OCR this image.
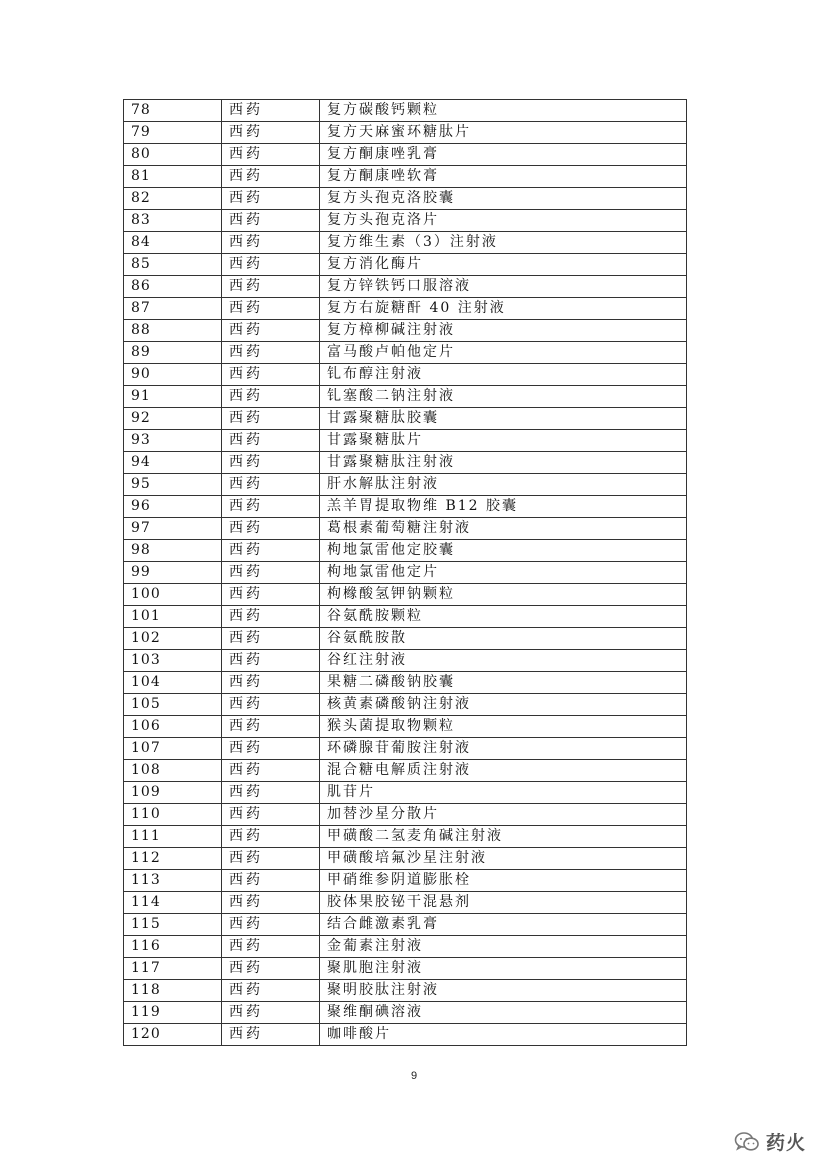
78	西药	复方碳酸钙颗粒
79	西药	复方天麻蜜环糖肽片
80	西药	复方酮康唑乳膏
81	西药	复方酮康唑软膏
82	西药	复方头孢克洛胶囊
83	西药	复方头孢克洛片
84	西药	复方维生素（3）注射液
85	西药	复方消化酶片
86	西药	复方锌铁钙口服溶液
87	西药	复方右旋糖酐 40 注射液
88	西药	复方樟柳碱注射液
89	西药	富马酸卢帕他定片
90	西药	钆布醇注射液
91	西药	钆塞酸二钠注射液
92	西药	甘露聚糖肽胶囊
93	西药	甘露聚糖肽片
94	西药	甘露聚糖肽注射液
95	西药	肝水解肽注射液
96	西药	羔羊胃提取物维 B12 胶囊
97	西药	葛根素葡萄糖注射液
98	西药	枸地氯雷他定胶囊
99	西药	枸地氯雷他定片
100	西药	枸橼酸氢钾钠颗粒
101	西药	谷氨酰胺颗粒
102	西药	谷氨酰胺散
103	西药	谷红注射液
104	西药	果糖二磷酸钠胶囊
105	西药	核黄素磷酸钠注射液
106	西药	猴头菌提取物颗粒
107	西药	环磷腺苷葡胺注射液
108	西药	混合糖电解质注射液
109	西药	肌苷片
110	西药	加替沙星分散片
111	西药	甲磺酸二氢麦角碱注射液
112	西药	甲磺酸培氟沙星注射液
113	西药	甲硝维参阴道膨胀栓
114	西药	胶体果胶铋干混悬剂
115	西药	结合雌激素乳膏
116	西药	金葡素注射液
117	西药	聚肌胞注射液
118	西药	聚明胶肽注射液
119	西药	聚维酮碘溶液
120	西药	咖啡酸片
9
药火
